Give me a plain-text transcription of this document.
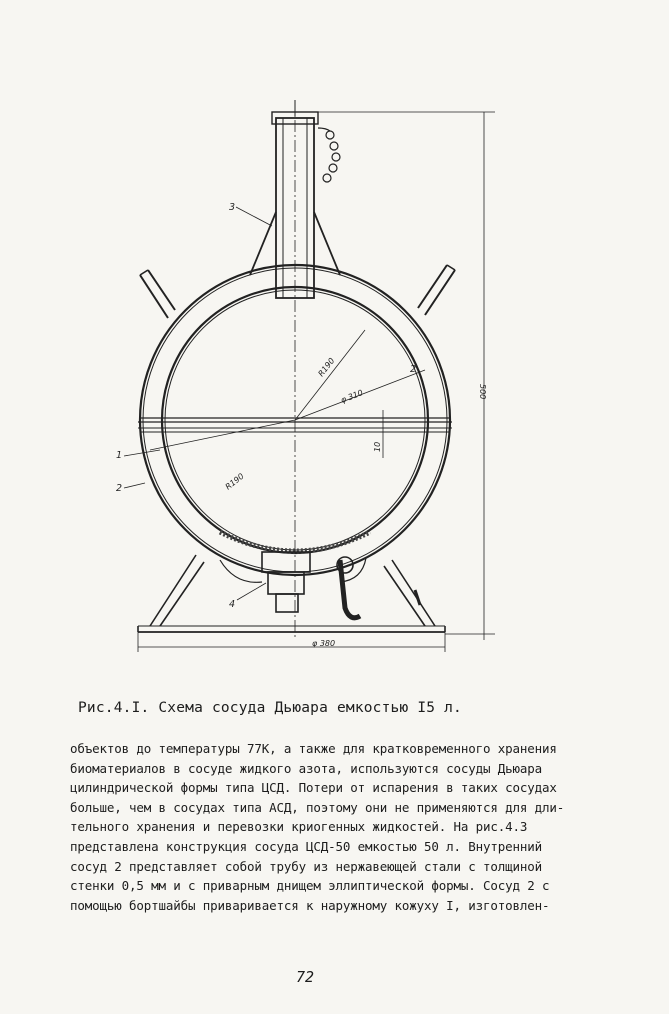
1
2
2
3
4
R190
φ 310
R190
10
500
φ 380
Рис.4.I. Схема сосуда Дьюара емкостью I5 л.
объектов до температуры 77К, а также для кратковременного хранения
биоматериалов в сосуде жидкого азота, используются сосуды Дьюара
цилиндрической формы типа ЦСД. Потери от испарения в таких сосудах
больше, чем в сосудах типа АСД, поэтому они не применяются для дли-
тельного хранения и перевозки криогенных жидкостей. На рис.4.3
представлена конструкция сосуда ЦСД-50 емкостью 50 л. Внутренний
сосуд 2 представляет собой трубу из нержавеющей стали с толщиной
стенки 0,5 мм и с приварным днищем эллиптической формы. Сосуд 2 с
помощью бортшайбы приваривается к наружному кожуху I, изготовлен-
72
